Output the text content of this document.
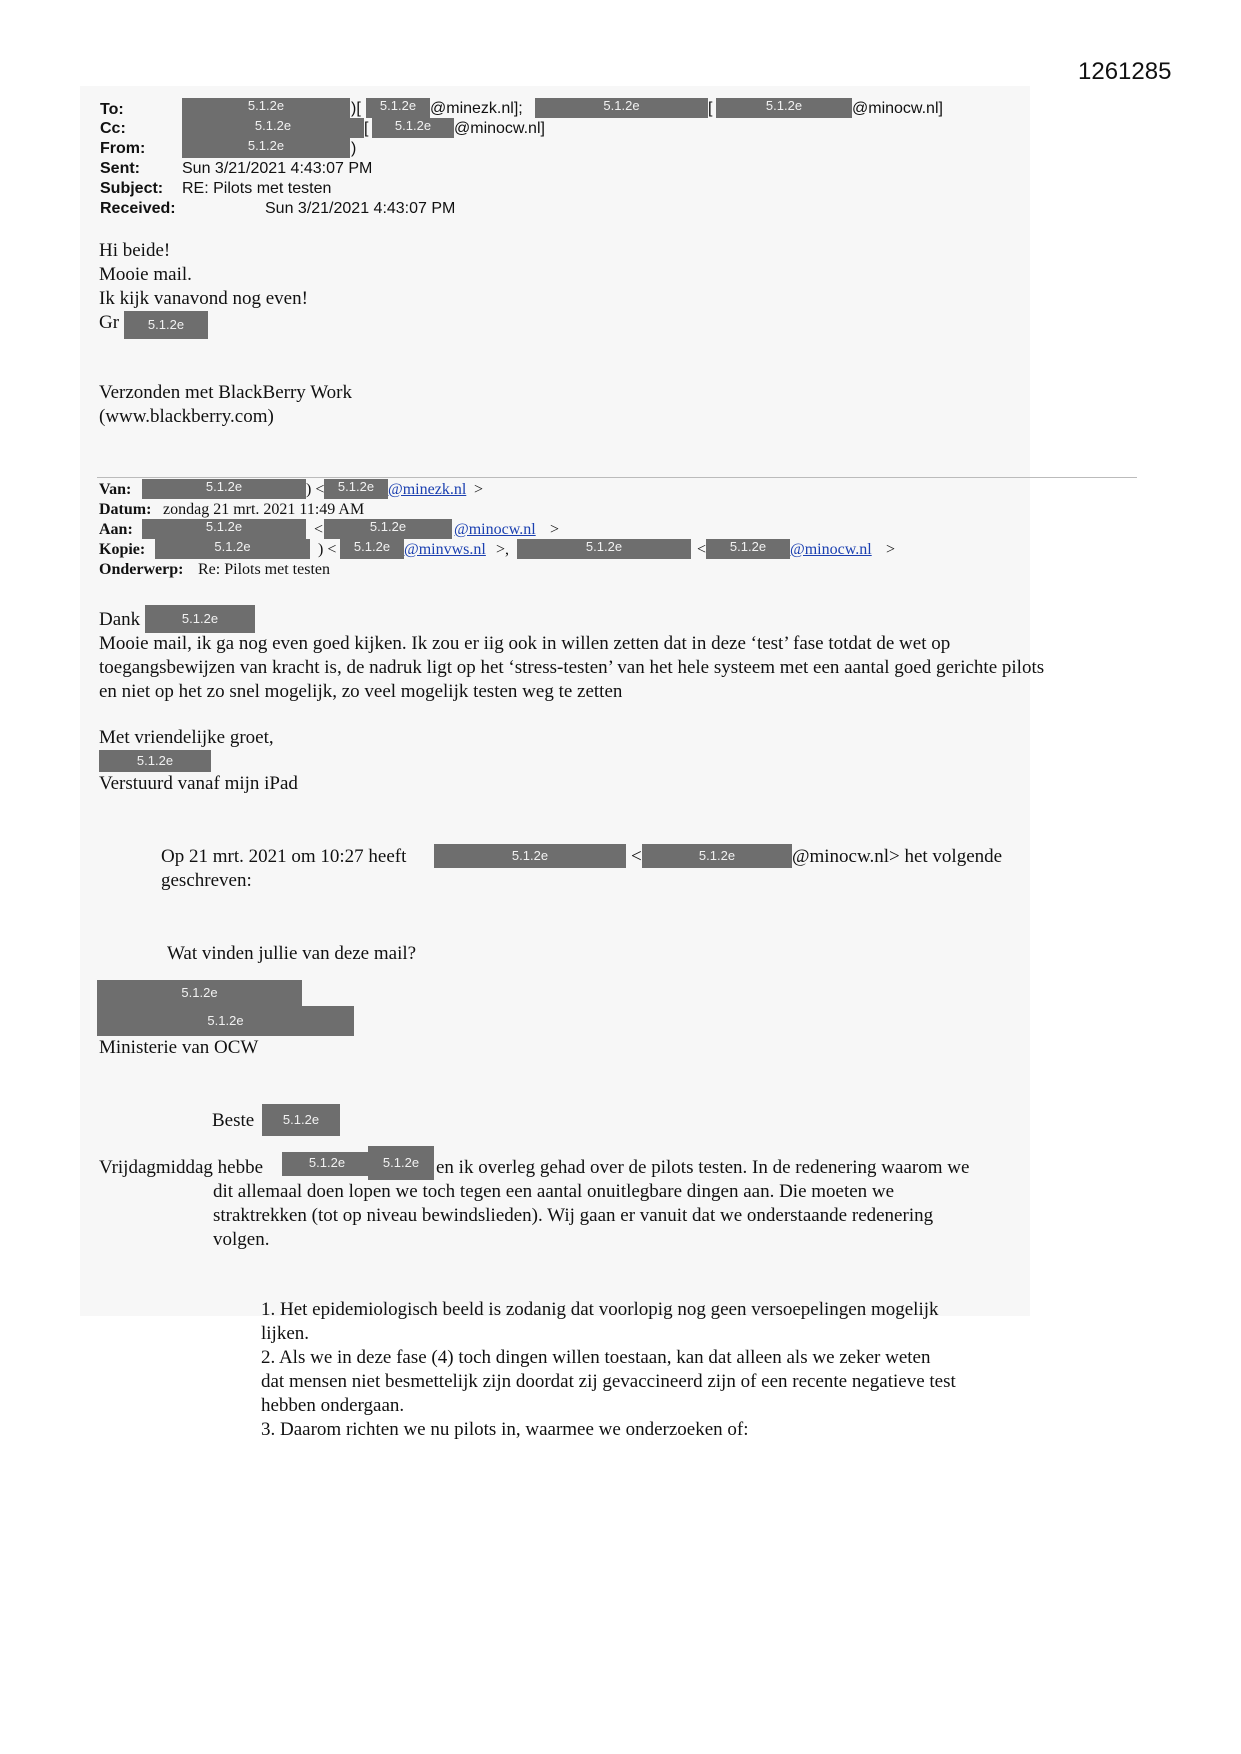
1261285
To:	5.1.2e	)[	5.1.2e @minezk.nl];	5.1.2e	[	5.1.2e	@minocw.nl]
Cc:	5.1.2e	[	5.1.2e	@minocw.nl]
From:	5.1.2e	)
Sent:	Sun 3/21/2021 4:43:07 PM
Subject: RE: Pilots met testen
Received:	Sun 3/21/2021 4:43:07 PM
Hi beide!
Mooie mail.
Ik kijk vanavond nog even!
Gr	5.1.2e
Verzonden met BlackBerry Work
(www.blackberry.com)
Van:	5.1.2e	) <	5.1.2e @minezk.nl >
Datum: zondag 21 mrt. 2021 11:49 AM
Aan:	5.1.2e	<	5.1.2e	@minocw.nl >
Kopie:	5.1.2e	) <	5.1.2e @minvws.nl >,	5.1.2e	<	5.1.2e	@minocw.nl >
Onderwerp: Re: Pilots met testen
Dank	5.1.2e
Mooie mail, ik ga nog even goed kijken. Ik zou er iig ook in willen zetten dat in deze ‘test’ fase totdat de wet op
toegangsbewijzen van kracht is, de nadruk ligt op het ‘stress-testen’ van het hele systeem met een aantal goed gerichte pilots
en niet op het zo snel mogelijk, zo veel mogelijk testen weg te zetten
Met vriendelijke groet,
5.1.2e
Verstuurd vanaf mijn iPad
Op 21 mrt. 2021 om 10:27 heeft	5.1.2e	<	5.1.2e	@minocw.nl> het volgende
geschreven:
Wat vinden jullie van deze mail?
5.1.2e
5.1.2e
Ministerie van OCW
Beste	5.1.2e
Vrijdagmiddag hebbe	5.1.2e	5.1.2e en ik overleg gehad over de pilots testen. In de redenering waarom we
dit allemaal doen lopen we toch tegen een aantal onuitlegbare dingen aan. Die moeten we
straktrekken (tot op niveau bewindslieden). Wij gaan er vanuit dat we onderstaande redenering
volgen.
1. Het epidemiologisch beeld is zodanig dat voorlopig nog geen versoepelingen mogelijk
lijken.
2. Als we in deze fase (4) toch dingen willen toestaan, kan dat alleen als we zeker weten
dat mensen niet besmettelijk zijn doordat zij gevaccineerd zijn of een recente negatieve test
hebben ondergaan.
3. Daarom richten we nu pilots in, waarmee we onderzoeken of:
